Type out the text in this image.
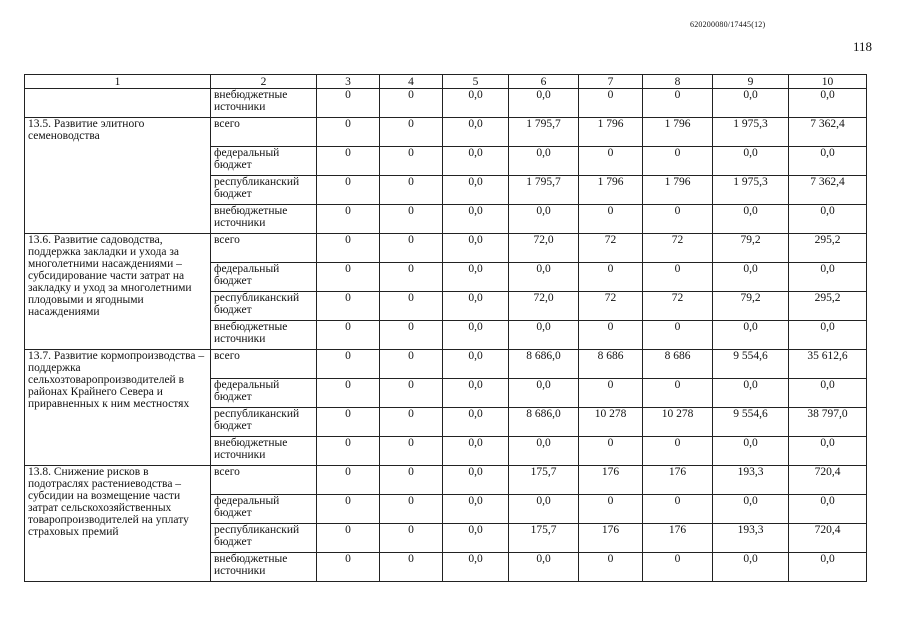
620200080/17445(12)
118
1	2	3	4	5	6	7	8	9	10
	внебюджетные источники	0	0	0,0	0,0	0	0	0,0	0,0
13.5. Развитие элитного семеноводства	всего	0	0	0,0	1 795,7	1 796	1 796	1 975,3	7 362,4
	федеральный бюджет	0	0	0,0	0,0	0	0	0,0	0,0
	республиканский бюджет	0	0	0,0	1 795,7	1 796	1 796	1 975,3	7 362,4
	внебюджетные источники	0	0	0,0	0,0	0	0	0,0	0,0
13.6. Развитие садоводства, поддержка закладки и ухода за многолетними насаждениями – субсидирование части затрат на закладку и уход за многолетними плодовыми и ягодными насаждениями	всего	0	0	0,0	72,0	72	72	79,2	295,2
	федеральный бюджет	0	0	0,0	0,0	0	0	0,0	0,0
	республиканский бюджет	0	0	0,0	72,0	72	72	79,2	295,2
	внебюджетные источники	0	0	0,0	0,0	0	0	0,0	0,0
13.7. Развитие кормопроизводства – поддержка сельхозтоваропроизводителей в районах Крайнего Севера и приравненных к ним местностях	всего	0	0	0,0	8 686,0	8 686	8 686	9 554,6	35 612,6
	федеральный бюджет	0	0	0,0	0,0	0	0	0,0	0,0
	республиканский бюджет	0	0	0,0	8 686,0	10 278	10 278	9 554,6	38 797,0
	внебюджетные источники	0	0	0,0	0,0	0	0	0,0	0,0
13.8. Снижение рисков в подотраслях растениеводства – субсидии на возмещение части затрат сельскохозяйственных товаропроизводителей на уплату страховых премий	всего	0	0	0,0	175,7	176	176	193,3	720,4
	федеральный бюджет	0	0	0,0	0,0	0	0	0,0	0,0
	республиканский бюджет	0	0	0,0	175,7	176	176	193,3	720,4
	внебюджетные источники	0	0	0,0	0,0	0	0	0,0	0,0
